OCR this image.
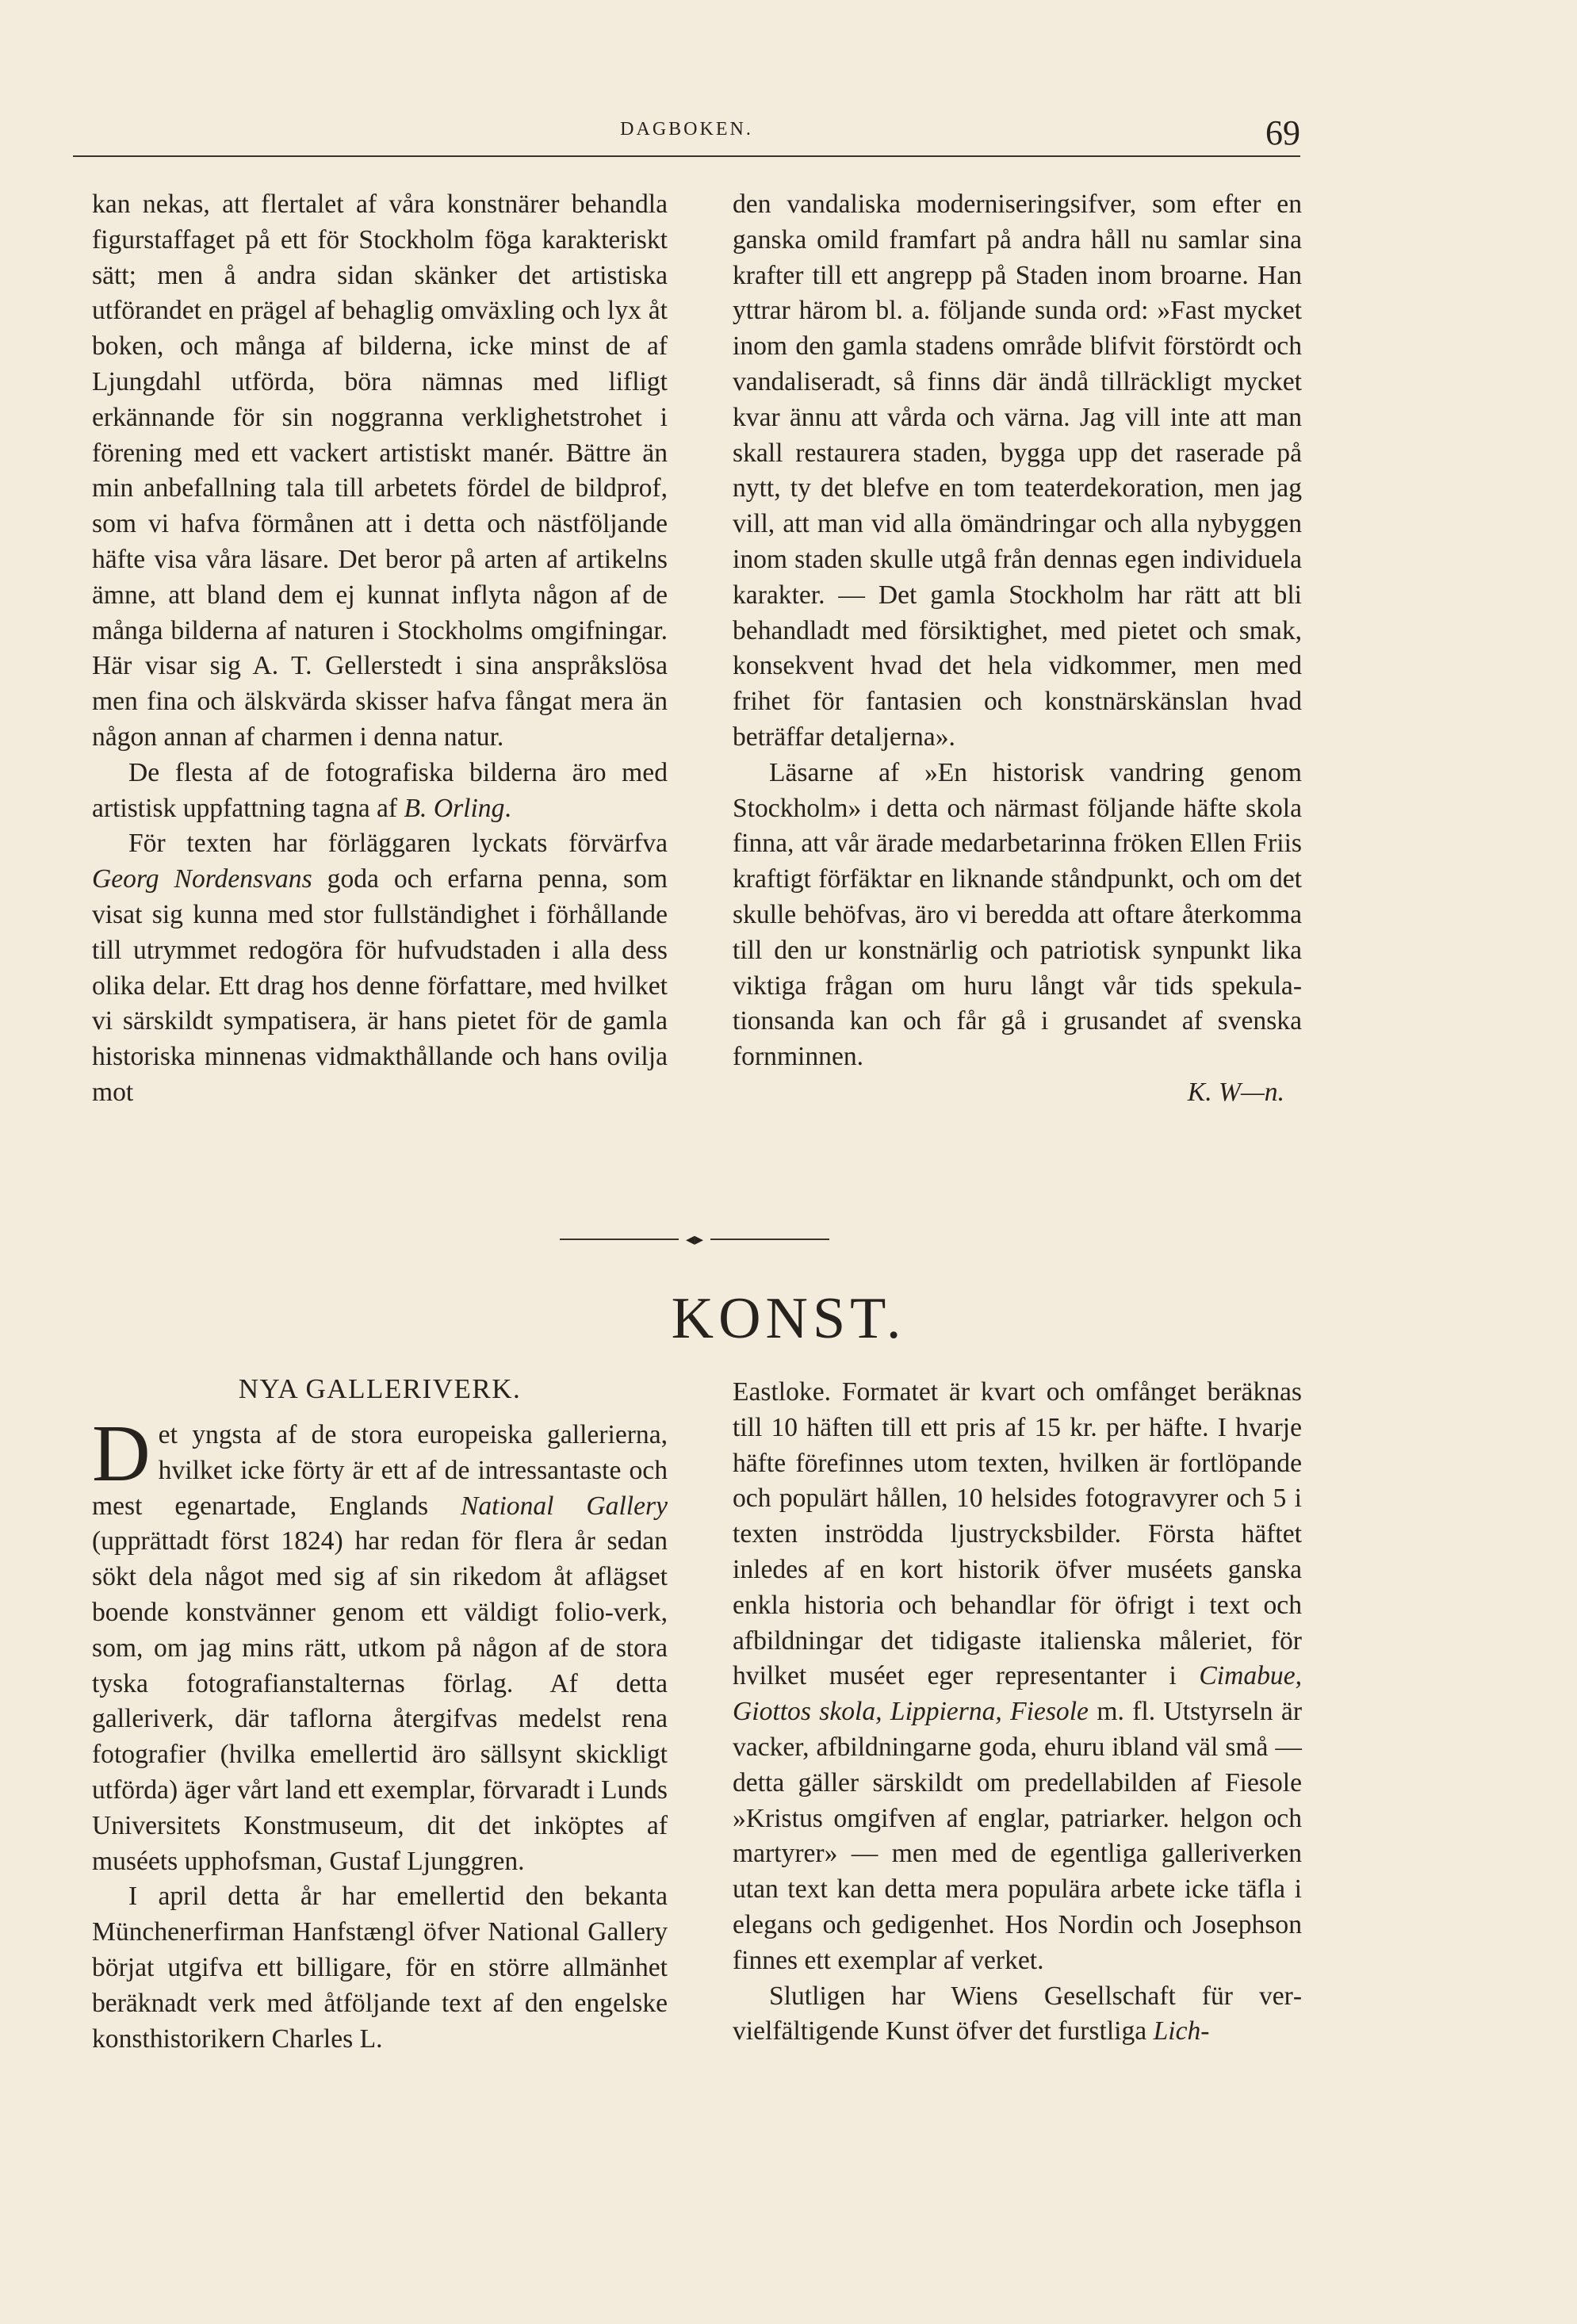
DAGBOKEN.	69

kan nekas, att flertalet af våra konstnärer behandla figurstaffaget på ett för Stockholm föga karakteriskt sätt; men å andra sidan skänker det artistiska utförandet en prägel af behaglig omväxling och lyx åt boken, och många af bilderna, icke minst de af Ljungdahl utförda, böra nämnas med lifligt erkännande för sin noggranna verklighetstrohet i förening med ett vackert artistiskt manér. Bättre än min anbefallning tala till arbetets fördel de bildprof, som vi hafva förmånen att i detta och nästföljande häfte visa våra läsare. Det beror på arten af artikelns ämne, att bland dem ej kunnat inflyta någon af de många bilderna af naturen i Stockholms omgifningar. Här visar sig A. T. Gellerstedt i sina anspråkslösa men fina och älskvärda skisser hafva fångat mera än någon annan af charmen i denna natur.

De flesta af de fotografiska bilderna äro med artistisk uppfattning tagna af B. Orling.

För texten har förläggaren lyckats förvärfva Georg Nordensvans goda och erfarna penna, som visat sig kunna med stor fullständighet i förhållande till utrymmet redogöra för hufvudstaden i alla dess olika delar. Ett drag hos denne författare, med hvilket vi särskildt sympatisera, är hans pietet för de gamla historiska minnenas vidmakthållande och hans ovilja mot

den vandaliska moderniseringsifver, som efter en ganska omild framfart på andra håll nu samlar sina krafter till ett angrepp på Staden inom broarne. Han yttrar härom bl. a. följande sunda ord: »Fast mycket inom den gamla stadens område blifvit förstördt och vandaliseradt, så finns där ändå tillräckligt mycket kvar ännu att vårda och värna. Jag vill inte att man skall restaurera staden, bygga upp det raserade på nytt, ty det blefve en tom teaterdekoration, men jag vill, att man vid alla ömändringar och alla nybyggen inom staden skulle utgå från dennas egen individuela karakter. — Det gamla Stockholm har rätt att bli behandladt med försiktighet, med pietet och smak, konsekvent hvad det hela vidkommer, men med frihet för fantasien och konstnärskänslan hvad beträffar detaljerna».

Läsarne af »En historisk vandring genom Stockholm» i detta och närmast följande häfte skola finna, att vår ärade medarbetarinna fröken Ellen Friis kraftigt förfäktar en liknande ståndpunkt, och om det skulle behöfvas, äro vi beredda att oftare återkomma till den ur konstnärlig och patriotisk synpunkt lika viktiga frågan om huru långt vår tids spekulationsanda kan och får gå i grusandet af svenska fornminnen.

K. W—n.

◂▸
KONST.
NYA GALLERIVERK.

Det yngsta af de stora europeiska gallerierna, hvilket icke förty är ett af de intressantaste och mest egenartade, Englands National Gallery (upprättadt först 1824) har redan för flera år sedan sökt dela något med sig af sin rikedom åt aflägset boende konstvänner genom ett väldigt folio-verk, som, om jag mins rätt, utkom på någon af de stora tyska fotografianstalternas förlag. Af detta galleriverk, där taflorna återgifvas medelst rena fotografier (hvilka emellertid äro sällsynt skickligt utförda) äger vårt land ett exemplar, förvaradt i Lunds Universitets Konstmuseum, dit det inköptes af muséets upphofsman, Gustaf Ljunggren.

I april detta år har emellertid den bekanta Münchenerfirman Hanfstængl öfver National Gallery börjat utgifva ett billigare, för en större allmänhet beräknadt verk med åtföljande text af den engelske konsthistorikern Charles L.

Eastloke. Formatet är kvart och omfånget beräknas till 10 häften till ett pris af 15 kr. per häfte. I hvarje häfte förefinnes utom texten, hvilken är fortlöpande och populärt hållen, 10 helsides fotogravyrer och 5 i texten inströdda ljustrycksbilder. Första häftet inledes af en kort historik öfver muséets ganska enkla historia och behandlar för öfrigt i text och afbildningar det tidigaste italienska måleriet, för hvilket muséet eger representanter i Cimabue, Giottos skola, Lippierna, Fiesole m. fl. Utstyrseln är vacker, afbildningarne goda, ehuru ibland väl små — detta gäller särskildt om predellabilden af Fiesole »Kristus omgifven af englar, patriarker. helgon och martyrer» — men med de egentliga galleriverken utan text kan detta mera populära arbete icke täfla i elegans och gedigenhet. Hos Nordin och Josephson finnes ett exemplar af verket.

Slutligen har Wiens Gesellschaft für vervielfältigende Kunst öfver det furstliga Lich-
